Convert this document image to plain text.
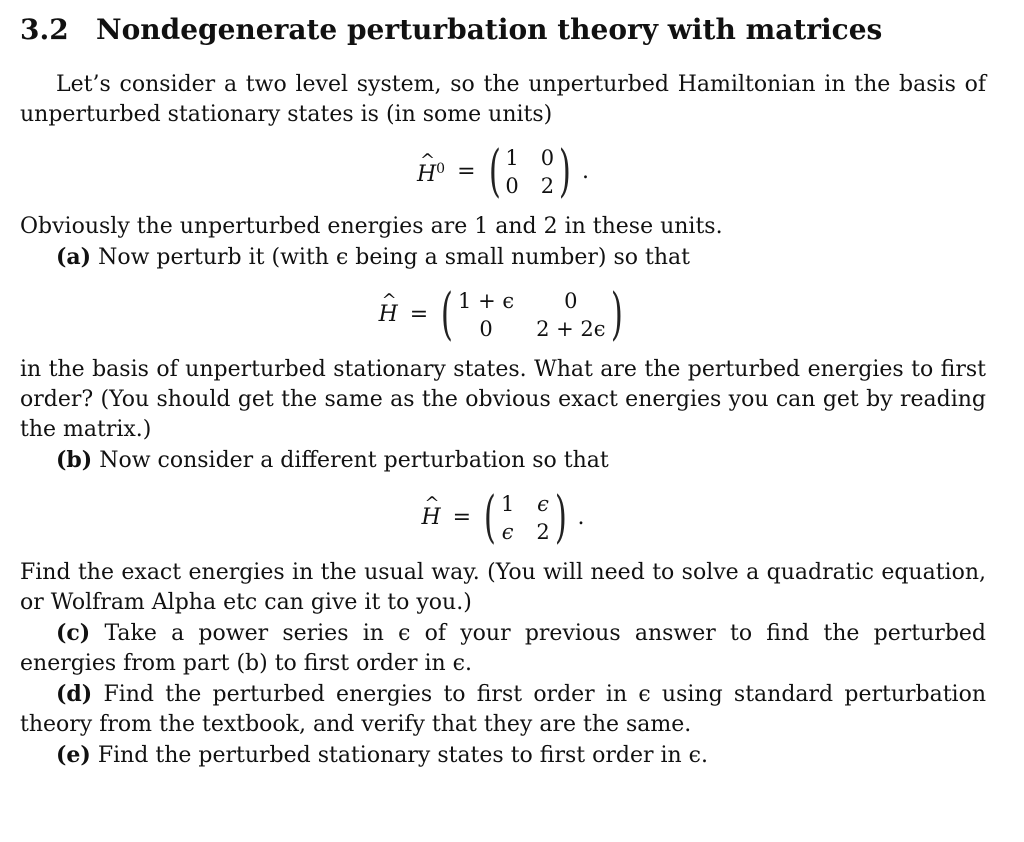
3.2 Nondegenerate perturbation theory with matrices

Let’s consider a two level system, so the unperturbed Hamiltonian in the basis of unperturbed stationary states is (in some units)

^ $H^0$ = ( 1 0
0 2 ) .

Obviously the unperturbed energies are 1 and 2 in these units.

(a) Now perturb it (with ϵ being a small number) so that

^ H = ( 1 + ϵ	0
0	2 + 2ϵ )

in the basis of unperturbed stationary states. What are the perturbed energies to first order? (You should get the same as the obvious exact energies you can get by reading the matrix.)

(b) Now consider a different perturbation so that

^ H = ( 1 ϵ
ϵ 2 ) .

Find the exact energies in the usual way. (You will need to solve a quadratic equation, or Wolfram Alpha etc can give it to you.)

(c) Take a power series in ϵ of your previous answer to find the perturbed energies from part (b) to first order in ϵ.

(d) Find the perturbed energies to first order in ϵ using standard perturbation theory from the textbook, and verify that they are the same.

(e) Find the perturbed stationary states to first order in ϵ.
